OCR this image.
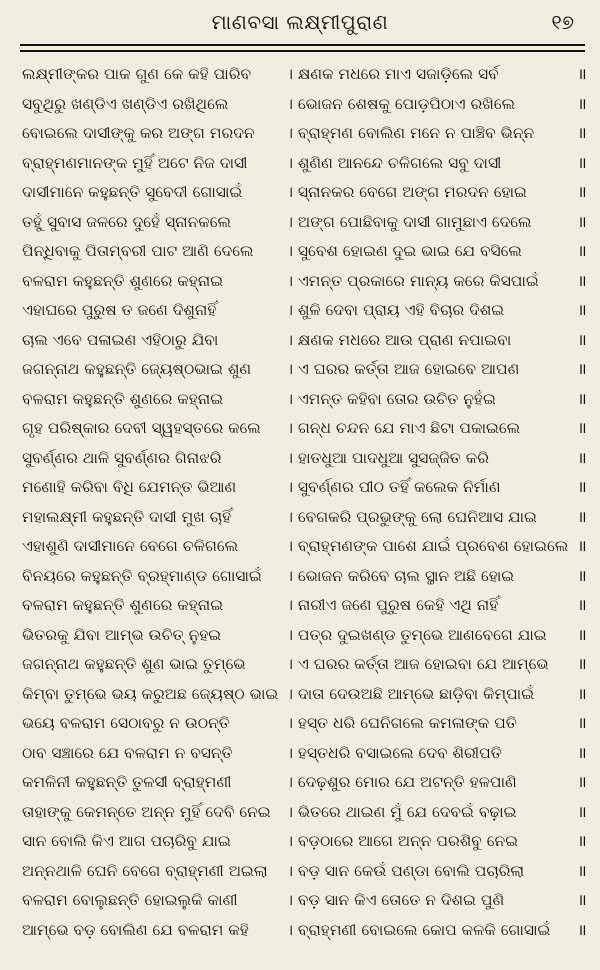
ମାଣବସା ଲକ୍ଷ୍ମୀପୁରାଣ	୧୭
ଲକ୍ଷ୍ମୀଙ୍କର ପାକ ଗୁଣ କେ କହି ପାରିବ	। କ୍ଷଣକ ମଧରେ ମାଏ ସଜାଡ଼ିଲେ ସର୍ବ	॥
ସବୁଥିରୁ ଖଣ୍ଡିଏ ଖଣ୍ଡିଏ ରଖିଥିଲେ	। ଭୋଜନ ଶେଷକୁ ପୋଡ଼ପିଠାଏ ରଖିଲେ	॥
ବୋଇଲେ ଦାସୀଙ୍କୁ କର ଅଙ୍ଗ ମରଦନ	। ବ୍ରାହ୍ମଣ ବୋଲିଣ ମନେ ନ ପାଞ୍ଚିବ ଭିନ୍ନ	॥
ବ୍ରାହ୍ମଣମାନଙ୍କ ମୁହିଁ ଅଟେ ନିଜ ଦାସୀ	। ଶୁଣିଣ ଆନନ୍ଦେ ଚଳିଗଲେ ସବୁ ଦାସୀ	॥
ଦାସୀମାନେ କହୁଛନ୍ତି ସୁବେଦୀ ଗୋସାଇଁ	। ସ୍ନାନକର ବେଗେ ଅଙ୍ଗ ମରଦନ ହୋଇ	॥
ତହୁଁ ସୁବାସ ଜଳରେ ଦୁହେଁ ସ୍ନାନକଲେ	। ଅଙ୍ଗ ପୋଛିବାକୁ ଦାସୀ ଗାମୁଛାଏ ଦେଲେ	॥
ପିନ୍ଧିବାକୁ ପିତାମ୍ବରୀ ପାଟ ଆଣି ଦେଲେ	। ସୁବେଶ ହୋଇଣ ଦୁଇ ଭାଇ ଯେ ବସିଲେ	॥
ବଳରାମ କହୁଛନ୍ତି ଶୁଣରେ କହ୍ନାଇ	। ଏମନ୍ତ ପ୍ରକାରେ ମାନ୍ୟ କରେ କିସପାଇଁ	॥
ଏହାଘରେ ପୁରୁଷ ତ ଜଣେ ଦିଶୁନାହିଁ	। ଶୁଳି ଦେବା ପ୍ରାୟ ଏହି ବିଚାର ଦିଶଇ	॥
ଚାଲ ଏବେ ପଳାଇଣ ଏହିଠାରୁ ଯିବା	। କ୍ଷଣକ ମଧରେ ଆଉ ପ୍ରାଣ ନପାଇବା	॥
ଜଗନ୍ନାଥ କହୁଛନ୍ତି ଜ୍ୟେଷ୍ଠଭାଇ ଶୁଣ	। ଏ ଘରର କର୍ତ୍ତା ଆଜ ହୋଇବେ ଆପଣ	॥
ବଳରାମ କହୁଛନ୍ତି ଶୁଣରେ କହ୍ନାଇ	। ଏମନ୍ତ କହିବା ତୋର ଉଚିତ ନୁହଁଇ	॥
ଗୃହ ପରିଷ୍କାର ଦେବୀ ସ୍ୱହସ୍ତରେ କଲେ	। ଗନ୍ଧ ଚନ୍ଦନ ଯେ ମାଏ ଛିଟା ପକାଇଲେ	॥
ସୁବର୍ଣ୍ଣର ଥାଳି ସୁବର୍ଣ୍ଣର ଗିନାଝରି	। ହାତଧୁଆ ପାଦଧୁଆ ସୁସଜ୍ଜିତ କରି	॥
ମଣୋହି କରିବା ବିଧି ଯେମନ୍ତ ଭିଆଣ	। ସୁବର୍ଣ୍ଣର ପୀଠ ତହିଁ କଲେକ ନିର୍ମାଣ	॥
ମହାଲକ୍ଷ୍ମୀ କହୁଛନ୍ତି ଦାସୀ ମୁଖ ଚାହିଁ	। ବେଗକରି ପ୍ରଭୁଙ୍କୁ ଲୋ ଘେନିଆସ ଯାଇ	॥
ଏହାଶୁଣି ଦାସୀମାନେ ବେଗେ ଚଳିଗଲେ	। ବ୍ରାହ୍ମଣଙ୍କ ପାଶେ ଯାଇଁ ପ୍ରବେଶ ହୋଇଲେ ॥
ବିନୟରେ କହୁଛନ୍ତି ବ୍ରହ୍ମାଣ୍ଡ ଗୋସାଇଁ	। ଭୋଜନ କରିବେ ଚାଲ ସ୍ଥାନ ଅଛି ହୋଇ	॥
ବଳରାମ କହୁଛନ୍ତି ଶୁଣରେ କହ୍ନାଇ	। ନାରୀଏ ଜଣେ ପୁରୁଷ କେହି ଏଥି ନାହିଁ	॥
ଭିତରକୁ ଯିବା ଆମ୍ଭ ଉଚିତ୍ ନୁହଇ	। ପତ୍ର ଦୁଇଖଣ୍ଡ ତୁମ୍ଭେ ଆଣବେଗେ ଯାଇ	॥
ଜଗନ୍ନାଥ କହୁଛନ୍ତି ଶୁଣ ଭାଇ ତୁମ୍ଭେ	। ଏ ଘରର କର୍ତ୍ତା ଆଜ ହୋଇବା ଯେ ଆମ୍ଭେ	॥
କିମ୍ବା ତୁମ୍ଭେ ଭୟ କରୁଅଛ ଜ୍ୟେଷ୍ଠ ଭାଇ । ଦାତା ଦେଉଅଛି ଆମ୍ଭେ ଛାଡ଼ିବା କିମ୍ପାଇଁ	॥
ଭୟେ ବଳରାମ ସେଠାବରୁ ନ ଉଠନ୍ତି	। ହସ୍ତ ଧରି ଘେନିଗଲେ କମଳାଙ୍କ ପତି	॥
ଠାବ ସଞ୍ଚାରେ ଯେ ବଳରାମ ନ ବସନ୍ତି	। ହସ୍ତଧରି ବସାଇଲେ ଦେବ ଶିରୀପତି	॥
କମଳିନୀ କହୁଛନ୍ତି ତୁଳସୀ ବ୍ରାହ୍ମଣୀ	। ଦେଢ଼ଶୁର ମୋର ଯେ ଅଟନ୍ତି ହଳପାଣି	॥
ତାହାଙ୍କୁ କେମନ୍ତେ ଅନ୍ନ ମୁହିଁ ଦେବି ନେଇ । ଭିତରେ ଥାଇଣ ମୁଁ ଯେ ଦେବଇଁ ବଢ଼ାଇ	॥
ସାନ ବୋଲି କିଏ ଆଗ ପଚାରିବୁ ଯାଇ	। ବଡ଼ଠାରେ ଆଗେ ଅନ୍ନ ପରଶିବୁ ନେଇ	॥
ଅନ୍ନଥାଳି ଘେନି ବେଗେ ବ୍ରାହ୍ମଣୀ ଅଇଲା	। ବଡ଼ ସାନ କେଉଁ ପଣ୍ଡା ବୋଲି ପଚାରିଲା	॥
ବଳରାମ ବୋଲୁଛନ୍ତି ହୋଇଲୁକି କାଣୀ	। ବଡ଼ ସାନ କିଏ ତୋତେ ନ ଦିଶଇ ପୁଣି	॥
ଆମ୍ଭେ ବଡ଼ ବୋଲିଣ ଯେ ବଳରାମ କହି	। ବ୍ରାହ୍ମଣୀ ବୋଇଲେ କୋପ କଳକି ଗୋସାଇଁ	॥
